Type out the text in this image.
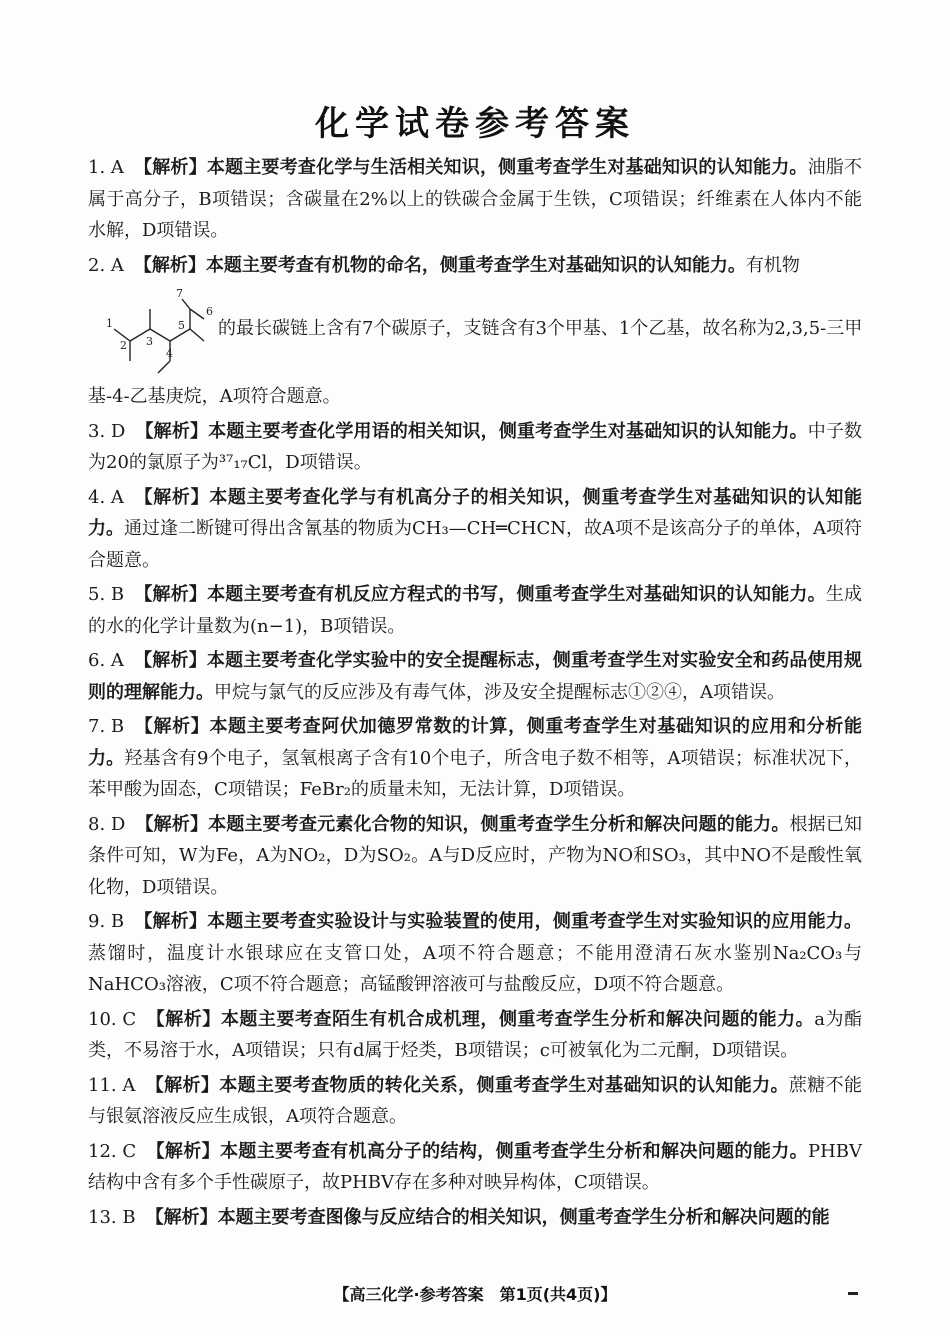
化学试卷参考答案
1. A 【解析】本题主要考查化学与生活相关知识，侧重考查学生对基础知识的认知能力。油脂不属于高分子，B项错误；含碳量在2%以上的铁碳合金属于生铁，C项错误；纤维素在人体内不能水解，D项错误。
2. A 【解析】本题主要考查有机物的命名，侧重考查学生对基础知识的认知能力。有机物
1
2 3
4
5
6
7
的最长碳链上含有7个碳原子，支链含有3个甲基、1个乙基，故名称为2,3,5-三甲
基-4-乙基庚烷，A项符合题意。
3. D 【解析】本题主要考查化学用语的相关知识，侧重考查学生对基础知识的认知能力。中子数为20的氯原子为³⁷₁₇Cl，D项错误。
4. A 【解析】本题主要考查化学与有机高分子的相关知识，侧重考查学生对基础知识的认知能力。通过逢二断键可得出含氰基的物质为CH₃—CH═CHCN，故A项不是该高分子的单体，A项符合题意。
5. B 【解析】本题主要考查有机反应方程式的书写，侧重考查学生对基础知识的认知能力。生成的水的化学计量数为(n−1)，B项错误。
6. A 【解析】本题主要考查化学实验中的安全提醒标志，侧重考查学生对实验安全和药品使用规则的理解能力。甲烷与氯气的反应涉及有毒气体，涉及安全提醒标志①②④，A项错误。
7. B 【解析】本题主要考查阿伏加德罗常数的计算，侧重考查学生对基础知识的应用和分析能力。羟基含有9个电子，氢氧根离子含有10个电子，所含电子数不相等，A项错误；标准状况下，苯甲酸为固态，C项错误；FeBr₂的质量未知，无法计算，D项错误。
8. D 【解析】本题主要考查元素化合物的知识，侧重考查学生分析和解决问题的能力。根据已知条件可知，W为Fe，A为NO₂，D为SO₂。A与D反应时，产物为NO和SO₃，其中NO不是酸性氧化物，D项错误。
9. B 【解析】本题主要考查实验设计与实验装置的使用，侧重考查学生对实验知识的应用能力。蒸馏时，温度计水银球应在支管口处，A项不符合题意；不能用澄清石灰水鉴别Na₂CO₃与NaHCO₃溶液，C项不符合题意；高锰酸钾溶液可与盐酸反应，D项不符合题意。
10. C 【解析】本题主要考查陌生有机合成机理，侧重考查学生分析和解决问题的能力。a为酯类，不易溶于水，A项错误；只有d属于烃类，B项错误；c可被氧化为二元酮，D项错误。
11. A 【解析】本题主要考查物质的转化关系，侧重考查学生对基础知识的认知能力。蔗糖不能与银氨溶液反应生成银，A项符合题意。
12. C 【解析】本题主要考查有机高分子的结构，侧重考查学生分析和解决问题的能力。PHBV结构中含有多个手性碳原子，故PHBV存在多种对映异构体，C项错误。
13. B 【解析】本题主要考查图像与反应结合的相关知识，侧重考查学生分析和解决问题的能
【高三化学·参考答案　第1页(共4页)】
